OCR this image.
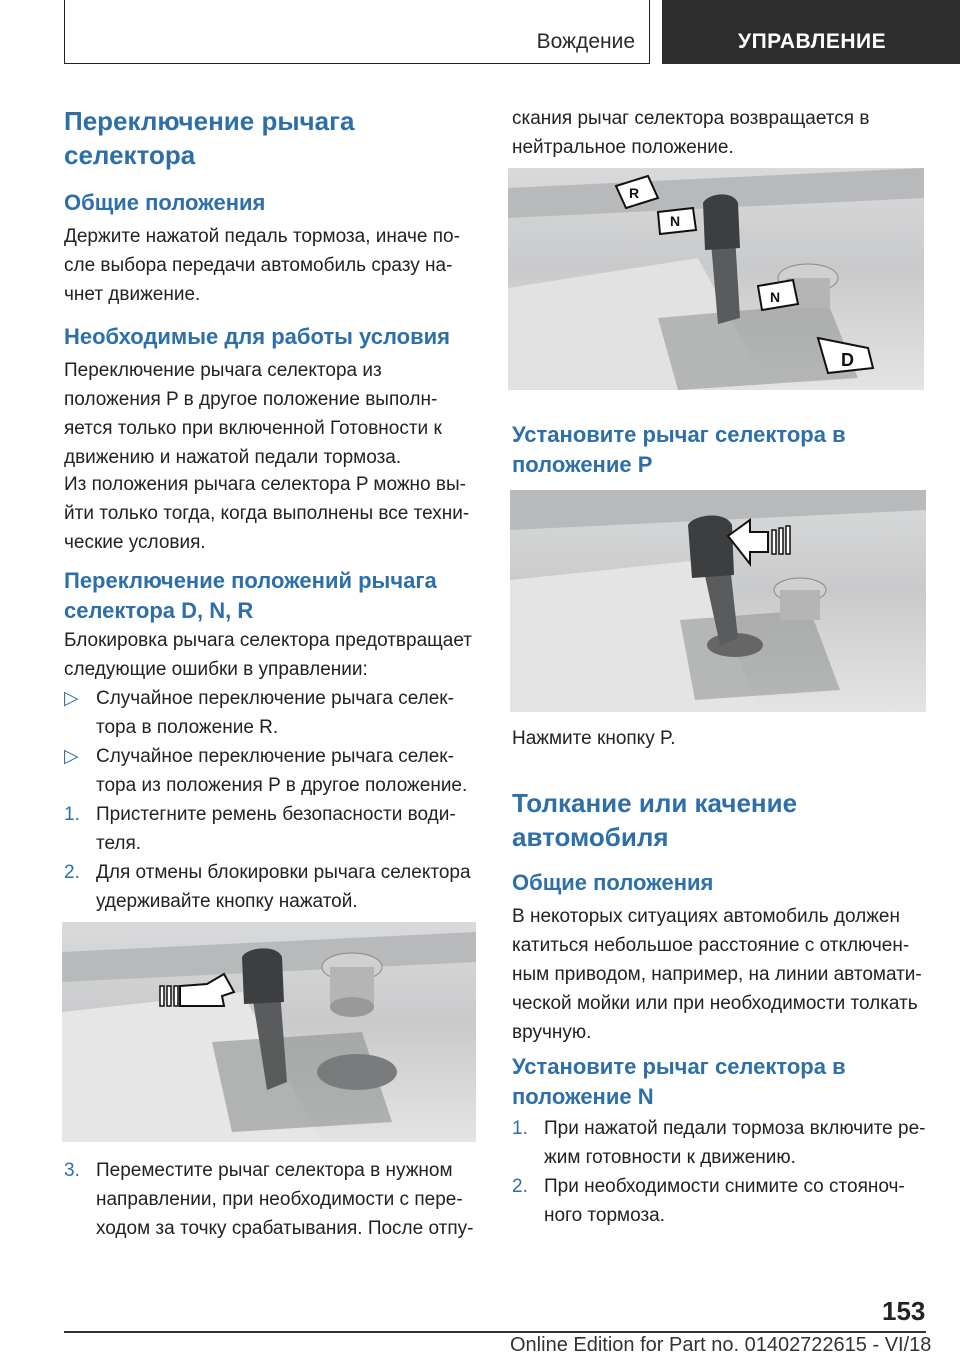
Вождение	УПРАВЛЕНИЕ
Переключение рычага
селектора
Общие положения
Держите нажатой педаль тормоза, иначе по-
сле выбора передачи автомобиль сразу на-
чнет движение.
Необходимые для работы условия
Переключение рычага селектора из
положения P в другое положение выполн-
яется только при включенной Готовности к
движению и нажатой педали тормоза.
Из положения рычага селектора P можно вы-
йти только тогда, когда выполнены все техни-
ческие условия.
Переключение положений рычага
селектора D, N, R
Блокировка рычага селектора предотвращает
следующие ошибки в управлении:
▷ Случайное переключение рычага селек-
тора в положение R.
▷ Случайное переключение рычага селек-
тора из положения P в другое положение.
1. Пристегните ремень безопасности води-
теля.
2. Для отмены блокировки рычага селектора
удерживайте кнопку нажатой.
3. Переместите рычаг селектора в нужном
направлении, при необходимости с пере-
ходом за точку срабатывания. После отпу-
скания рычаг селектора возвращается в
нейтральное положение.
R
N
N
D
Установите рычаг селектора в
положение P
Нажмите кнопку P.
Толкание или качение
автомобиля
Общие положения
В некоторых ситуациях автомобиль должен
катиться небольшое расстояние с отключен-
ным приводом, например, на линии автомати-
ческой мойки или при необходимости толкать
вручную.
Установите рычаг селектора в
положение N
1. При нажатой педали тормоза включите ре-
жим готовности к движению.
2. При необходимости снимите со стояноч-
ного тормоза.
153
Online Edition for Part no. 01402722615 - VI/18
